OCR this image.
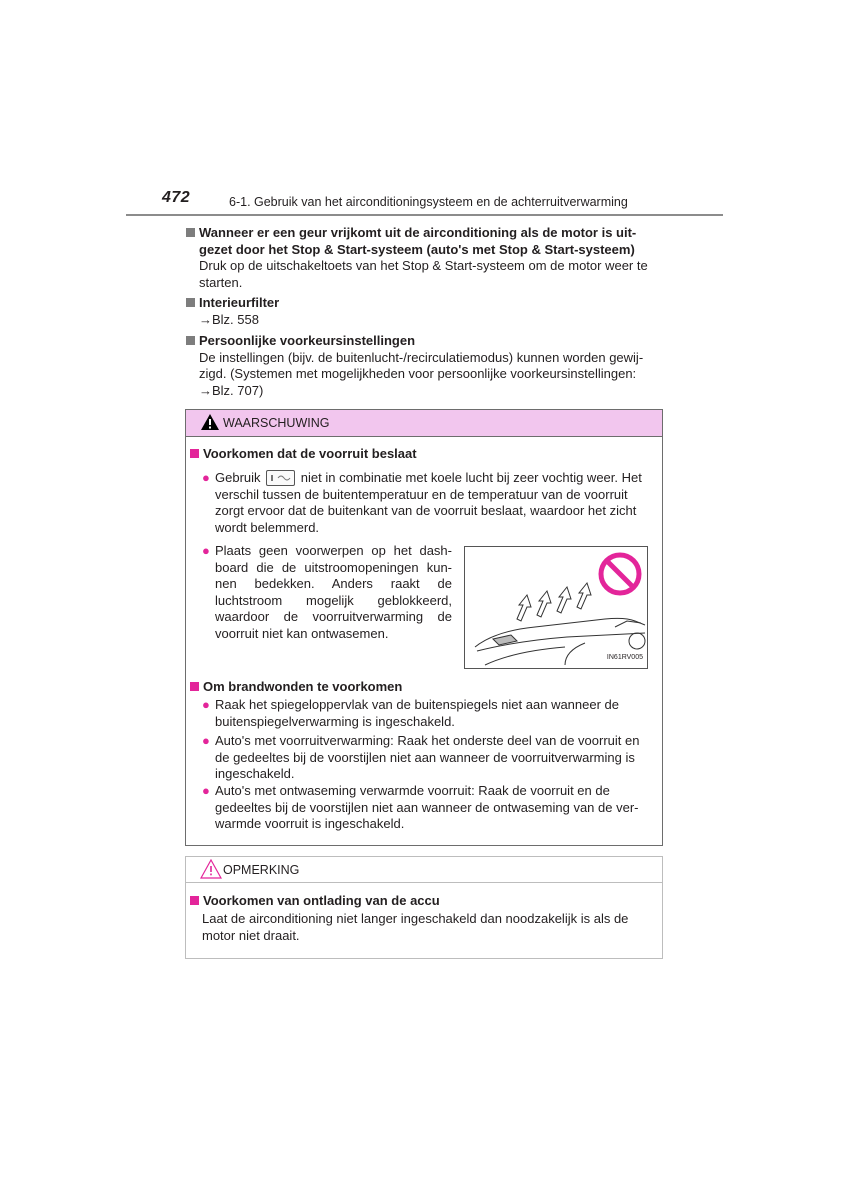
472	6-1. Gebruik van het airconditioningsysteem en de achterruitverwarming
Wanneer er een geur vrijkomt uit de airconditioning als de motor is uit-
gezet door het Stop & Start-systeem (auto's met Stop & Start-systeem)
Druk op de uitschakeltoets van het Stop & Start-systeem om de motor weer te
starten.
Interieurfilter
→Blz. 558
Persoonlijke voorkeursinstellingen
De instellingen (bijv. de buitenlucht-/recirculatiemodus) kunnen worden gewij-
zigd. (Systemen met mogelijkheden voor persoonlijke voorkeursinstellingen:
→Blz. 707)
WAARSCHUWING
Voorkomen dat de voorruit beslaat
● Gebruik	niet in combinatie met koele lucht bij zeer vochtig weer. Het
verschil tussen de buitentemperatuur en de temperatuur van de voorruit
zorgt ervoor dat de buitenkant van de voorruit beslaat, waardoor het zicht
wordt belemmerd.
● Plaats geen voorwerpen op het dash-
board die de uitstroomopeningen kun-
nen bedekken. Anders raakt de
luchtstroom mogelijk geblokkeerd,
waardoor de voorruitverwarming de
voorruit niet kan ontwasemen.
Om brandwonden te voorkomen
● Raak het spiegeloppervlak van de buitenspiegels niet aan wanneer de
buitenspiegelverwarming is ingeschakeld.
● Auto's met voorruitverwarming: Raak het onderste deel van de voorruit en
de gedeeltes bij de voorstijlen niet aan wanneer de voorruitverwarming is
ingeschakeld.
● Auto's met ontwaseming verwarmde voorruit: Raak de voorruit en de
gedeeltes bij de voorstijlen niet aan wanneer de ontwaseming van de ver-
warmde voorruit is ingeschakeld.
IN61RV005
OPMERKING
Voorkomen van ontlading van de accu
Laat de airconditioning niet langer ingeschakeld dan noodzakelijk is als de
motor niet draait.
